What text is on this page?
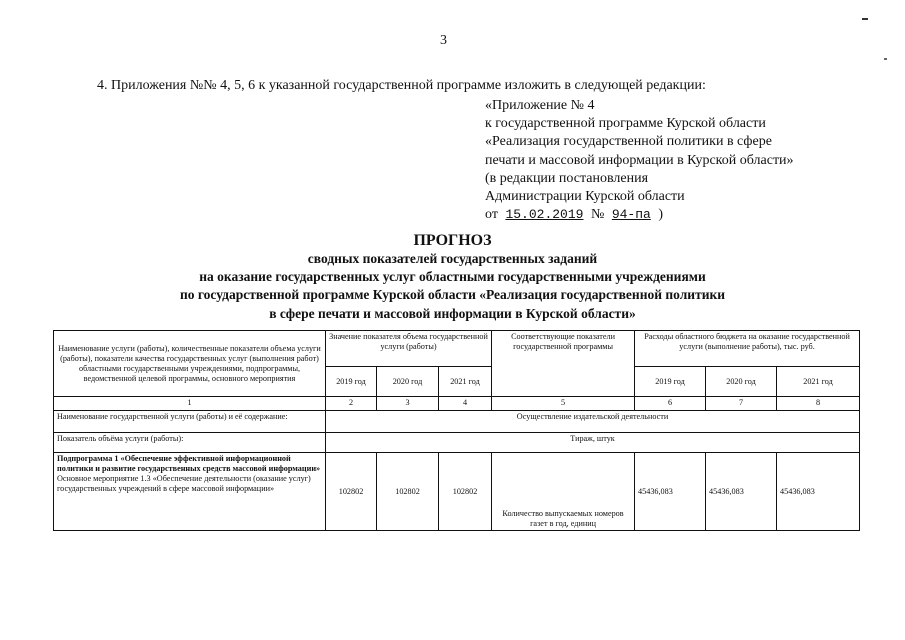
3
4. Приложения №№ 4, 5, 6 к указанной государственной программе изложить в следующей редакции:
«Приложение № 4
к государственной программе Курской области
«Реализация государственной политики в сфере
печати и массовой информации в Курской области»
(в редакции постановления
Администрации Курской области
от 15.02.2019 № 94-па )
ПРОГНОЗ
сводных показателей государственных заданий
на оказание государственных услуг областными государственными учреждениями
по государственной программе Курской области «Реализация государственной политики
в сфере печати и массовой информации в Курской области»
Наименование услуги (работы), количественные показатели объема услуги (работы), показатели качества государственных услуг (выполнения работ) областными государственными учреждениями, подпрограммы, ведомственной целевой программы, основного мероприятия	Значение показателя объема государственной услуги (работы)			Соответствующие показатели государственной программы	Расходы областного бюджета на оказание государственной услуги (выполнение работы), тыс. руб.		
	2019 год	2020 год	2021 год		2019 год	2020 год	2021 год
1	2	3	4	5	6	7	8
Наименование государственной услуги (работы) и её содержание:	Осуществление издательской деятельности						
Показатель объёма услуги (работы):	Тираж, штук						

Подпрограмма 1 «Обеспечение эффективной информационной политики и развитие государственных средств массовой информации»
Основное мероприятие 1.3 «Обеспечение деятельности (оказание услуг) государственных учреждений в сфере массовой информации»	102802	102802	102802	Количество выпускаемых номеров газет в год, единиц	45436,083	45436,083	45436,083
